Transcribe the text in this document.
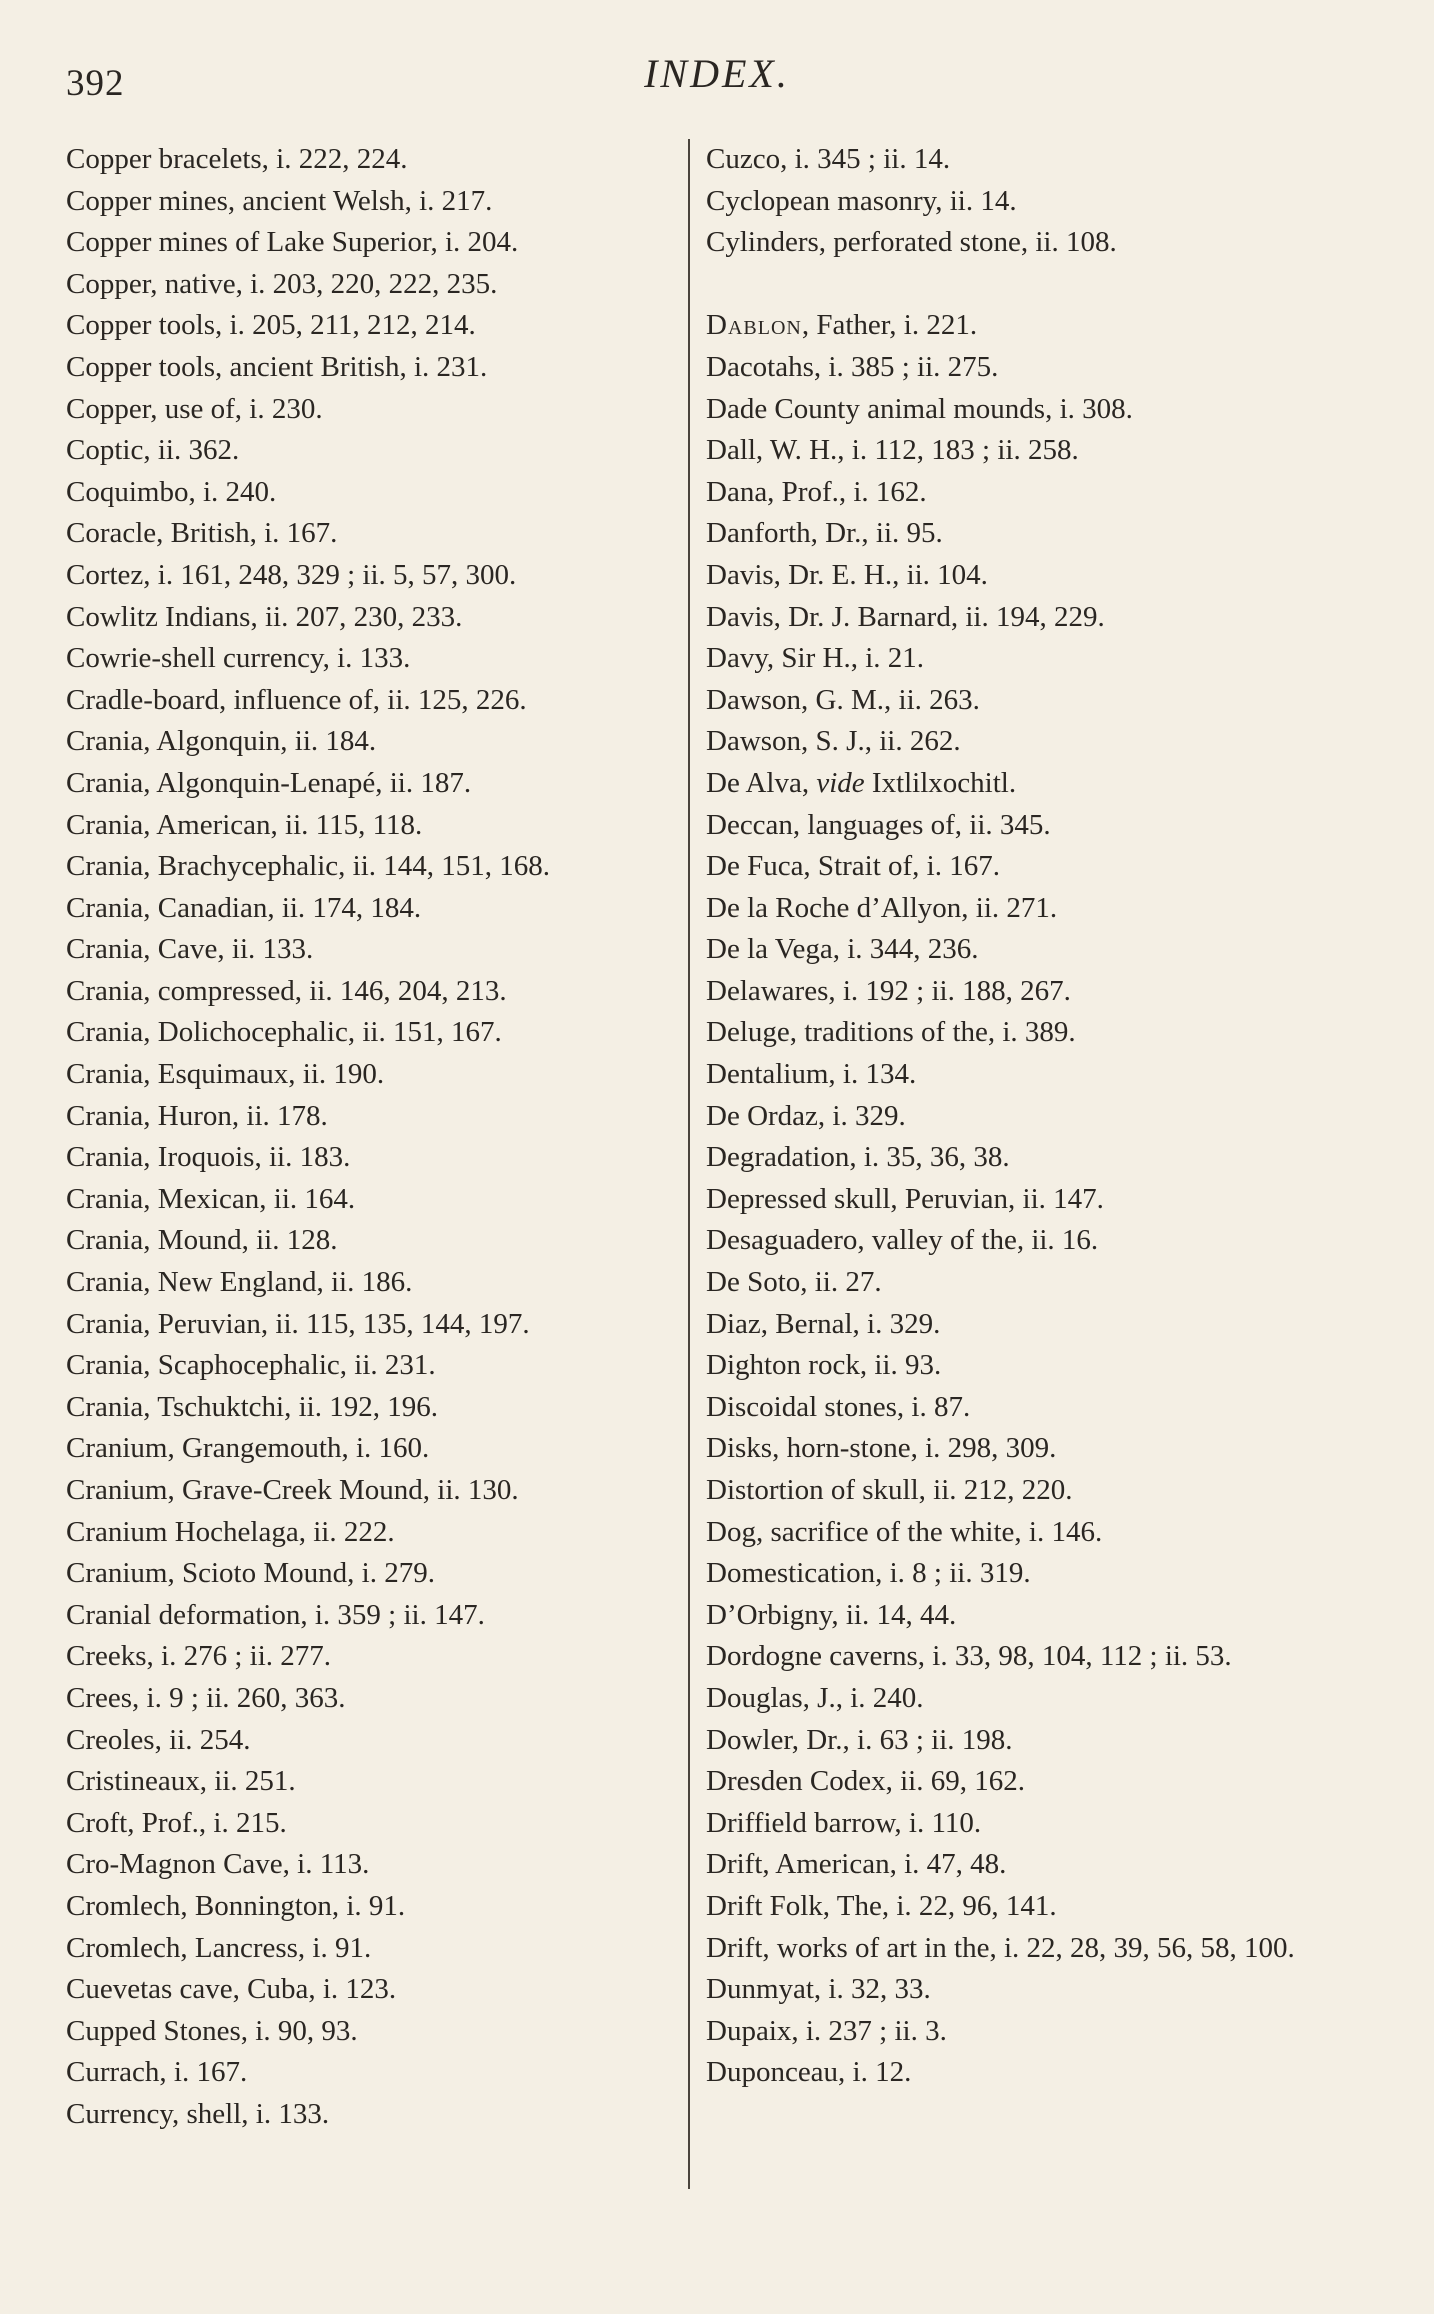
392	INDEX.
Copper bracelets, i. 222, 224.
Copper mines, ancient Welsh, i. 217.
Copper mines of Lake Superior, i. 204.
Copper, native, i. 203, 220, 222, 235.
Copper tools, i. 205, 211, 212, 214.
Copper tools, ancient British, i. 231.
Copper, use of, i. 230.
Coptic, ii. 362.
Coquimbo, i. 240.
Coracle, British, i. 167.
Cortez, i. 161, 248, 329 ; ii. 5, 57, 300.
Cowlitz Indians, ii. 207, 230, 233.
Cowrie-shell currency, i. 133.
Cradle-board, influence of, ii. 125, 226.
Crania, Algonquin, ii. 184.
Crania, Algonquin-Lenapé, ii. 187.
Crania, American, ii. 115, 118.
Crania, Brachycephalic, ii. 144, 151, 168.
Crania, Canadian, ii. 174, 184.
Crania, Cave, ii. 133.
Crania, compressed, ii. 146, 204, 213.
Crania, Dolichocephalic, ii. 151, 167.
Crania, Esquimaux, ii. 190.
Crania, Huron, ii. 178.
Crania, Iroquois, ii. 183.
Crania, Mexican, ii. 164.
Crania, Mound, ii. 128.
Crania, New England, ii. 186.
Crania, Peruvian, ii. 115, 135, 144, 197.
Crania, Scaphocephalic, ii. 231.
Crania, Tschuktchi, ii. 192, 196.
Cranium, Grangemouth, i. 160.
Cranium, Grave-Creek Mound, ii. 130.
Cranium Hochelaga, ii. 222.
Cranium, Scioto Mound, i. 279.
Cranial deformation, i. 359 ; ii. 147.
Creeks, i. 276 ; ii. 277.
Crees, i. 9 ; ii. 260, 363.
Creoles, ii. 254.
Cristineaux, ii. 251.
Croft, Prof., i. 215.
Cro-Magnon Cave, i. 113.
Cromlech, Bonnington, i. 91.
Cromlech, Lancress, i. 91.
Cuevetas cave, Cuba, i. 123.
Cupped Stones, i. 90, 93.
Currach, i. 167.
Currency, shell, i. 133.
Cuzco, i. 345 ; ii. 14.
Cyclopean masonry, ii. 14.
Cylinders, perforated stone, ii. 108.
Dablon, Father, i. 221.
Dacotahs, i. 385 ; ii. 275.
Dade County animal mounds, i. 308.
Dall, W. H., i. 112, 183 ; ii. 258.
Dana, Prof., i. 162.
Danforth, Dr., ii. 95.
Davis, Dr. E. H., ii. 104.
Davis, Dr. J. Barnard, ii. 194, 229.
Davy, Sir H., i. 21.
Dawson, G. M., ii. 263.
Dawson, S. J., ii. 262.
De Alva, vide Ixtlilxochitl.
Deccan, languages of, ii. 345.
De Fuca, Strait of, i. 167.
De la Roche d’Allyon, ii. 271.
De la Vega, i. 344, 236.
Delawares, i. 192 ; ii. 188, 267.
Deluge, traditions of the, i. 389.
Dentalium, i. 134.
De Ordaz, i. 329.
Degradation, i. 35, 36, 38.
Depressed skull, Peruvian, ii. 147.
Desaguadero, valley of the, ii. 16.
De Soto, ii. 27.
Diaz, Bernal, i. 329.
Dighton rock, ii. 93.
Discoidal stones, i. 87.
Disks, horn-stone, i. 298, 309.
Distortion of skull, ii. 212, 220.
Dog, sacrifice of the white, i. 146.
Domestication, i. 8 ; ii. 319.
D’Orbigny, ii. 14, 44.
Dordogne caverns, i. 33, 98, 104, 112 ; ii. 53.
Douglas, J., i. 240.
Dowler, Dr., i. 63 ; ii. 198.
Dresden Codex, ii. 69, 162.
Driffield barrow, i. 110.
Drift, American, i. 47, 48.
Drift Folk, The, i. 22, 96, 141.
Drift, works of art in the, i. 22, 28, 39, 56, 58, 100.
Dunmyat, i. 32, 33.
Dupaix, i. 237 ; ii. 3.
Duponceau, i. 12.
